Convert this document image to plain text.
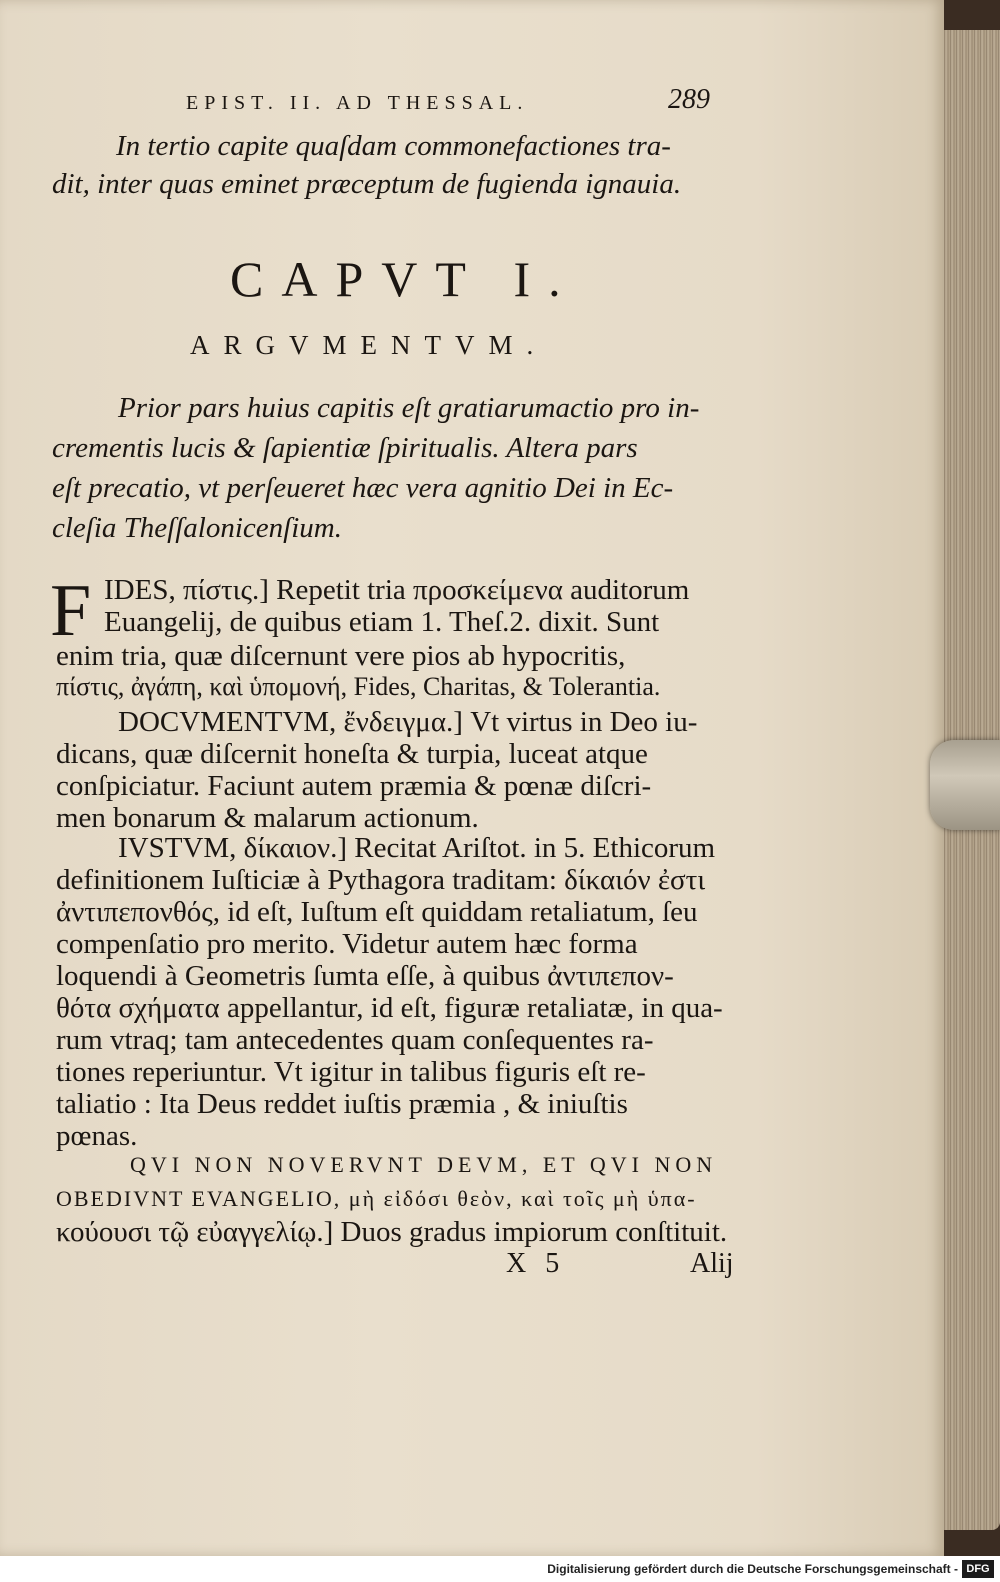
EPIST. II. AD THESSAL.	289
In tertio capite quaſdam commonefactiones tra-
dit, inter quas eminet præceptum de fugienda ignauia.
CAPVT I.
ARGVMENTVM.
Prior pars huius capitis eſt gratiarumactio pro in-
crementis lucis & ſapientiæ ſpiritualis. Altera pars
eſt precatio, vt perſeueret hæc vera agnitio Dei in Ec-
cleſia Theſſalonicenſium.
F IDES, πίστις.] Repetit tria προσκείμενα auditorum
Euangelij, de quibus etiam 1. Theſ.2. dixit. Sunt
enim tria, quæ diſcernunt vere pios ab hypocritis,
πίστις, ἀγάπη, καὶ ὑπομονή, Fides, Charitas, & Tolerantia.
DOCVMENTVM, ἔνδειγμα.] Vt virtus in Deo iu-
dicans, quæ diſcernit honeſta & turpia, luceat atque
conſpiciatur. Faciunt autem præmia & pœnæ diſcri-
men bonarum & malarum actionum.
IVSTVM, δίκαιον.] Recitat Ariſtot. in 5. Ethicorum
definitionem Iuſticiæ à Pythagora traditam: δίκαιόν ἐστι
ἀντιπεπονθός, id eſt, Iuſtum eſt quiddam retaliatum, ſeu
compenſatio pro merito. Videtur autem hæc forma
loquendi à Geometris ſumta eſſe, à quibus ἀντιπεπον-
θότα σχήματα appellantur, id eſt, figuræ retaliatæ, in qua-
rum vtraq; tam antecedentes quam conſequentes ra-
tiones reperiuntur. Vt igitur in talibus figuris eſt re-
taliatio : Ita Deus reddet iuſtis præmia , & iniuſtis
pœnas.
QVI NON NOVERVNT DEVM, ET QVI NON
OBEDIVNT EVANGELIO, μὴ εἰδόσι θεὸν, καὶ τοῖς μὴ ὑπα-
κούουσι τῷ εὐαγγελίῳ.] Duos gradus impiorum conſtituit.
X 5	Alij
Digitalisierung gefördert durch die Deutsche Forschungsgemeinschaft - DFG
